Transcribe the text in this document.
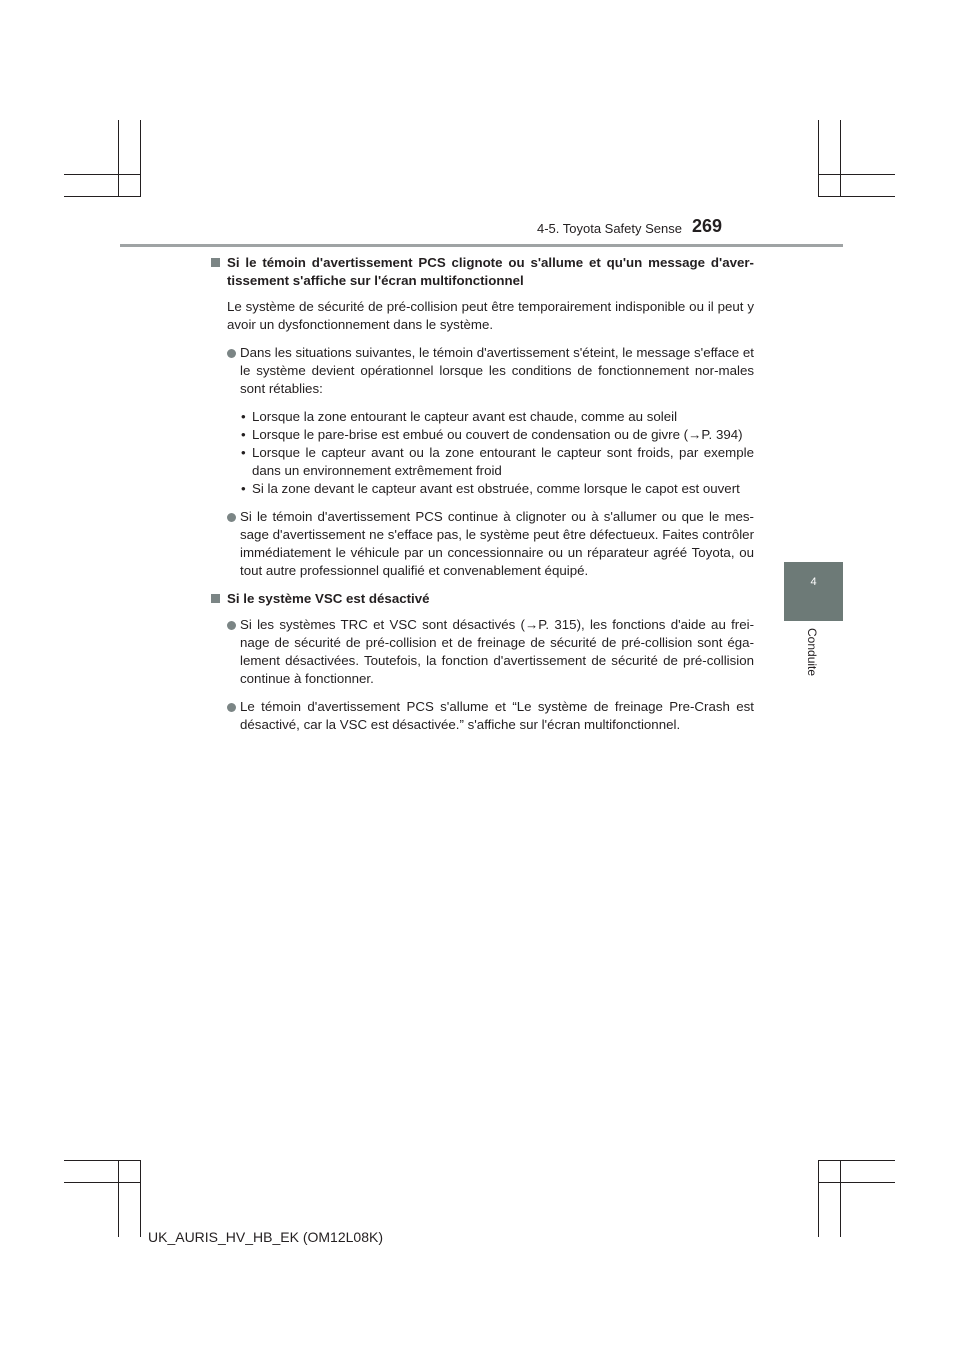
4-5. Toyota Safety Sense 269
4
Conduite
Si le témoin d'avertissement PCS clignote ou s'allume et qu'un message d'aver-tissement s'affiche sur l'écran multifonctionnel
Le système de sécurité de pré-collision peut être temporairement indisponible ou il peut y avoir un dysfonctionnement dans le système.
Dans les situations suivantes, le témoin d'avertissement s'éteint, le message s'efface et le système devient opérationnel lorsque les conditions de fonctionnement nor-males sont rétablies:
• Lorsque la zone entourant le capteur avant est chaude, comme au soleil
• Lorsque le pare-brise est embué ou couvert de condensation ou de givre (→P. 394)
• Lorsque le capteur avant ou la zone entourant le capteur sont froids, par exemple dans un environnement extrêmement froid
• Si la zone devant le capteur avant est obstruée, comme lorsque le capot est ouvert
Si le témoin d'avertissement PCS continue à clignoter ou à s'allumer ou que le mes-sage d'avertissement ne s'efface pas, le système peut être défectueux. Faites contrôler immédiatement le véhicule par un concessionnaire ou un réparateur agréé Toyota, ou tout autre professionnel qualifié et convenablement équipé.
Si le système VSC est désactivé
Si les systèmes TRC et VSC sont désactivés (→P. 315), les fonctions d'aide au frei-nage de sécurité de pré-collision et de freinage de sécurité de pré-collision sont éga-lement désactivées. Toutefois, la fonction d'avertissement de sécurité de pré-collision continue à fonctionner.
Le témoin d'avertissement PCS s'allume et “Le système de freinage Pre-Crash est désactivé, car la VSC est désactivée.” s'affiche sur l'écran multifonctionnel.
UK_AURIS_HV_HB_EK (OM12L08K)
